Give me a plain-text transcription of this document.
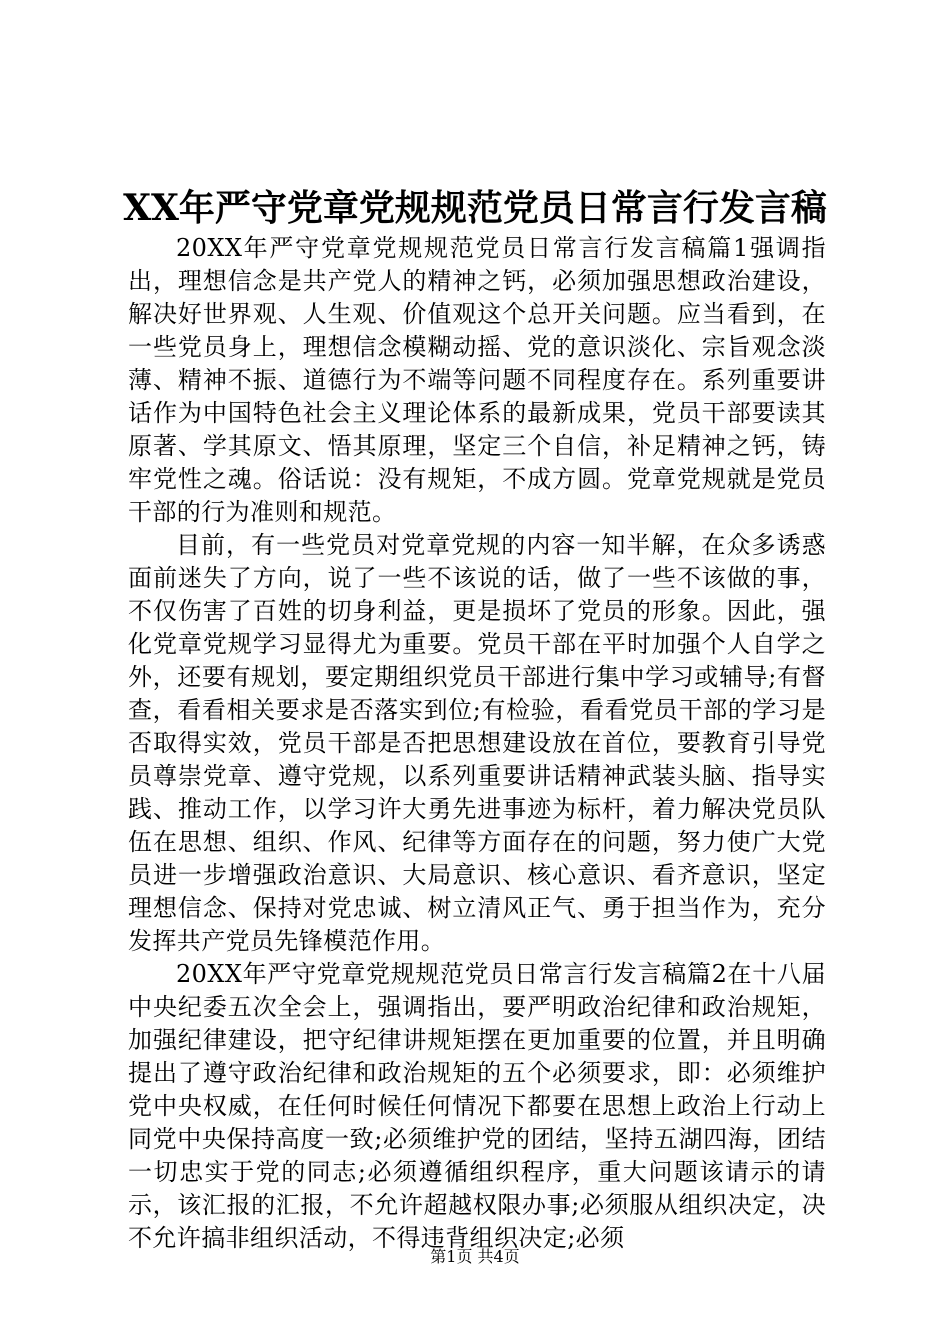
XX年严守党章党规规范党员日常言行发言稿

20XX年严守党章党规规范党员日常言行发言稿篇1强调指出，理想信念是共产党人的精神之钙，必须加强思想政治建设，解决好世界观、人生观、价值观这个总开关问题。应当看到，在一些党员身上，理想信念模糊动摇、党的意识淡化、宗旨观念淡薄、精神不振、道德行为不端等问题不同程度存在。系列重要讲话作为中国特色社会主义理论体系的最新成果，党员干部要读其原著、学其原文、悟其原理，坚定三个自信，补足精神之钙，铸牢党性之魂。俗话说：没有规矩，不成方圆。党章党规就是党员干部的行为准则和规范。

目前，有一些党员对党章党规的内容一知半解，在众多诱惑面前迷失了方向，说了一些不该说的话，做了一些不该做的事，不仅伤害了百姓的切身利益，更是损坏了党员的形象。因此，强化党章党规学习显得尤为重要。党员干部在平时加强个人自学之外，还要有规划，要定期组织党员干部进行集中学习或辅导;有督查，看看相关要求是否落实到位;有检验，看看党员干部的学习是否取得实效，党员干部是否把思想建设放在首位，要教育引导党员尊崇党章、遵守党规，以系列重要讲话精神武装头脑、指导实践、推动工作，以学习许大勇先进事迹为标杆，着力解决党员队伍在思想、组织、作风、纪律等方面存在的问题，努力使广大党员进一步增强政治意识、大局意识、核心意识、看齐意识，坚定理想信念、保持对党忠诚、树立清风正气、勇于担当作为，充分发挥共产党员先锋模范作用。

20XX年严守党章党规规范党员日常言行发言稿篇2在十八届中央纪委五次全会上，强调指出，要严明政治纪律和政治规矩，加强纪律建设，把守纪律讲规矩摆在更加重要的位置，并且明确提出了遵守政治纪律和政治规矩的五个必须要求，即：必须维护党中央权威，在任何时候任何情况下都要在思想上政治上行动上同党中央保持高度一致;必须维护党的团结，坚持五湖四海，团结一切忠实于党的同志;必须遵循组织程序，重大问题该请示的请示，该汇报的汇报，不允许超越权限办事;必须服从组织决定，决不允许搞非组织活动，不得违背组织决定;必须

第1页 共4页
